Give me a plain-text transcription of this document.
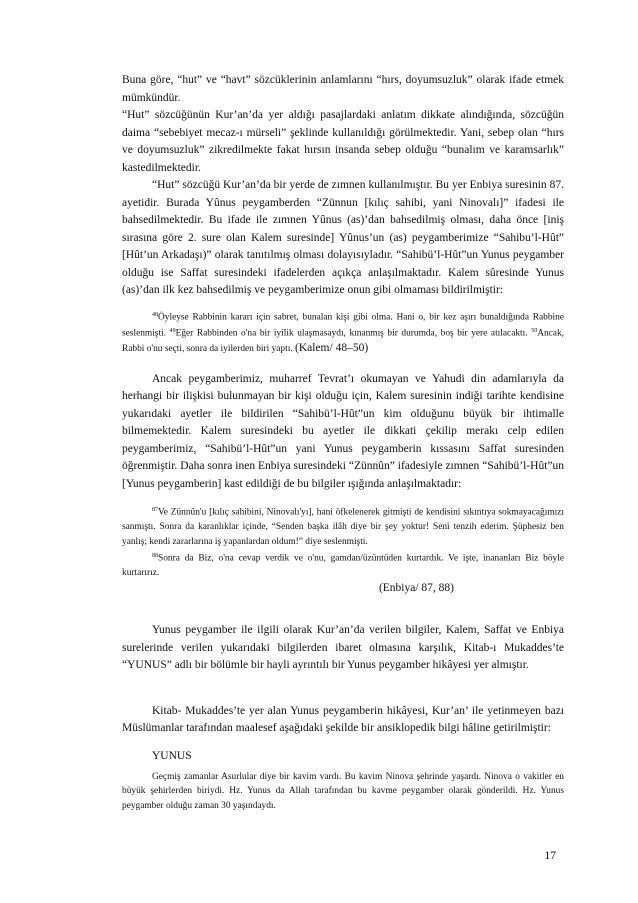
Buna göre, “hut” ve “havt” sözcüklerinin anlamlarını “hırs, doyumsuzluk” olarak ifade etmek mümkündür.

“Hut” sözcüğünün Kur’an’da yer aldığı pasajlardaki anlatım dikkate alındığında, sözcüğün daima “sebebiyet mecaz-ı mürseli” şeklinde kullanıldığı görülmektedir. Yani, sebep olan “hırs ve doyumsuzluk” zikredilmekte fakat hırsın insanda sebep olduğu “bunalım ve karamsarlık” kastedilmektedir.

“Hut” sözcüğü Kur’an’da bir yerde de zımnen kullanılmıştır. Bu yer Enbiya suresinin 87. ayetidir. Burada Yûnus peygamberden “Zünnun [kılıç sahibi, yani Ninovalı]” ifadesi ile bahsedilmektedir. Bu ifade ile zımnen Yûnus (as)’dan bahsedilmiş olması, daha önce [iniş sırasına göre 2. sure olan Kalem suresinde] Yûnus’un (as) peygamberimize “Sahibu’l-Hût” [Hût’un Arkadaşı)” olarak tanıtılmış olması dolayısıyladır. “Sahibü’l-Hût”un Yunus peygamber olduğu ise Saffat suresindeki ifadelerden açıkça anlaşılmaktadır. Kalem sûresinde Yunus (as)’dan ilk kez bahsedilmiş ve peygamberimize onun gibi olmaması bildirilmiştir:

$^{48}$Öyleyse Rabbinin kararı için sabret, bunalan kişi gibi olma. Hani o, bir kez aşırı bunaldığında Rabbine seslenmişti. $^{49}$Eğer Rabbinden o'na bir iyilik ulaşmasaydı, kınanmış bir durumda, boş bir yere atılacaktı. $^{50}$Ancak, Rabbi o'nu seçti, sonra da iyilerden biri yaptı. (Kalem/ 48–50)

Ancak peygamberimiz, muharref Tevrat’ı okumayan ve Yahudi din adamlarıyla da herhangi bir ilişkisi bulunmayan bir kişi olduğu için, Kalem suresinin indiği tarihte kendisine yukarıdaki ayetler ile bildirilen “Sahibü’l-Hût”un kim olduğunu büyük bir ihtimalle bilmemektedir. Kalem suresindeki bu ayetler ile dikkati çekilip merakı celp edilen peygamberimiz, “Sahibü’l-Hût”un yani Yunus peygamberin kıssasını Saffat suresinden öğrenmiştir. Daha sonra inen Enbiya suresindeki “Zünnûn” ifadesiyle zımnen “Sahibü’l-Hût”un [Yunus peygamberin] kast edildiği de bu bilgiler ışığında anlaşılmaktadır:

$^{87}$Ve Zünnûn'u [kılıç sahibini, Ninovalı'yı], hani öfkelenerek gitmişti de kendisini sıkıntıya sokmayacağımızı sanmıştı. Sonra da karanlıklar içinde, “Senden başka ilâh diye bir şey yoktur! Seni tenzih ederim. Şüphesiz ben yanlış; kendi zararlarına iş yapanlardan oldum!” diye seslenmişti.

$^{88}$Sonra da Biz, o'na cevap verdik ve o'nu, gamdan/üzüntüden kurtardık. Ve işte, inananları Biz böyle kurtarırız.

(Enbiya/ 87, 88)

Yunus peygamber ile ilgili olarak Kur’an’da verilen bilgiler, Kalem, Saffat ve Enbiya surelerinde verilen yukarıdaki bilgilerden ibaret olmasına karşılık, Kitab-ı Mukaddes’te “YUNUS” adlı bir bölümle bir hayli ayrıntılı bir Yunus peygamber hikâyesi yer almıştır.

Kitab- Mukaddes’te yer alan Yunus peygamberin hikâyesi, Kur’an’ ile yetinmeyen bazı Müslümanlar tarafından maalesef aşağıdaki şekilde bir ansiklopedik bilgi hâline getirilmiştir:

YUNUS

Geçmiş zamanlar Asurlular diye bir kavim vardı. Bu kavim Ninova şehrinde yaşardı. Ninova o vakitler en büyük şehirlerden biriydi. Hz. Yunus da Allah tarafından bu kavme peygamber olarak gönderildi. Hz. Yunus peygamber olduğu zaman 30 yaşındaydı.

17
